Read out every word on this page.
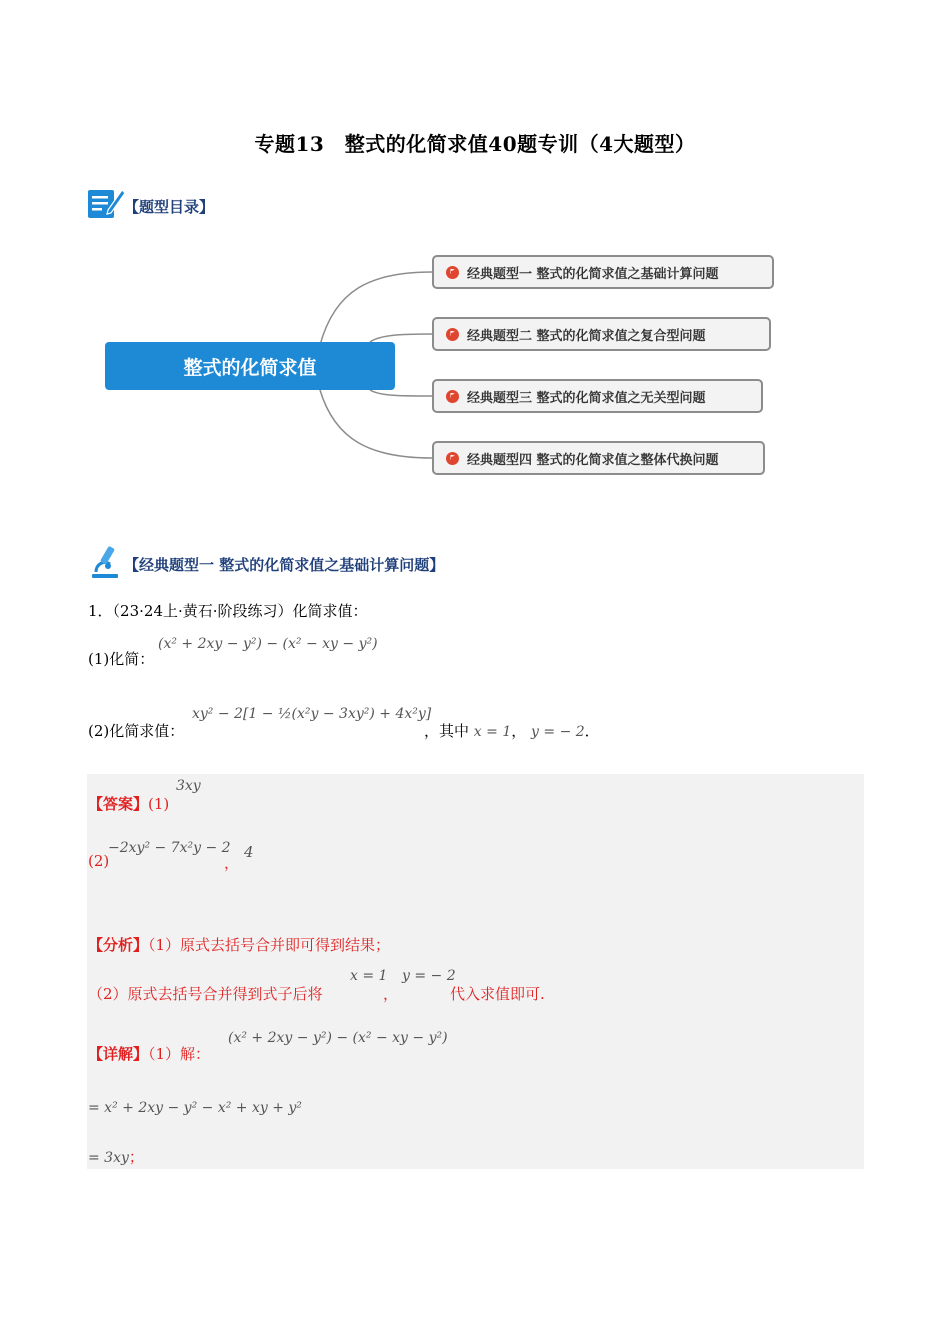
专题13　整式的化简求值40题专训（4大题型）
【题型目录】
整式的化简求值
经典题型一 整式的化简求值之基础计算问题
经典题型二 整式的化简求值之复合型问题
经典题型三 整式的化简求值之无关型问题
经典题型四 整式的化简求值之整体代换问题
【经典题型一 整式的化简求值之基础计算问题】
1．（23·24上·黄石·阶段练习）化简求值：
(1)化简：
(x² + 2xy − y²) − (x² − xy − y²)
(2)化简求值：
xy² − 2[1 − ½(x²y − 3xy²) + 4x²y]
，其中 x = 1， y = − 2．
【答案】(1)
3xy
(2)
−2xy² − 7x²y − 2
，
4
【分析】（1）原式去括号合并即可得到结果；
（2）原式去括号合并得到式子后将
x = 1
，
y = − 2
代入求值即可.
【详解】（1）解：
(x² + 2xy − y²) − (x² − xy − y²)
= x² + 2xy − y² − x² + xy + y²
= 3xy；
